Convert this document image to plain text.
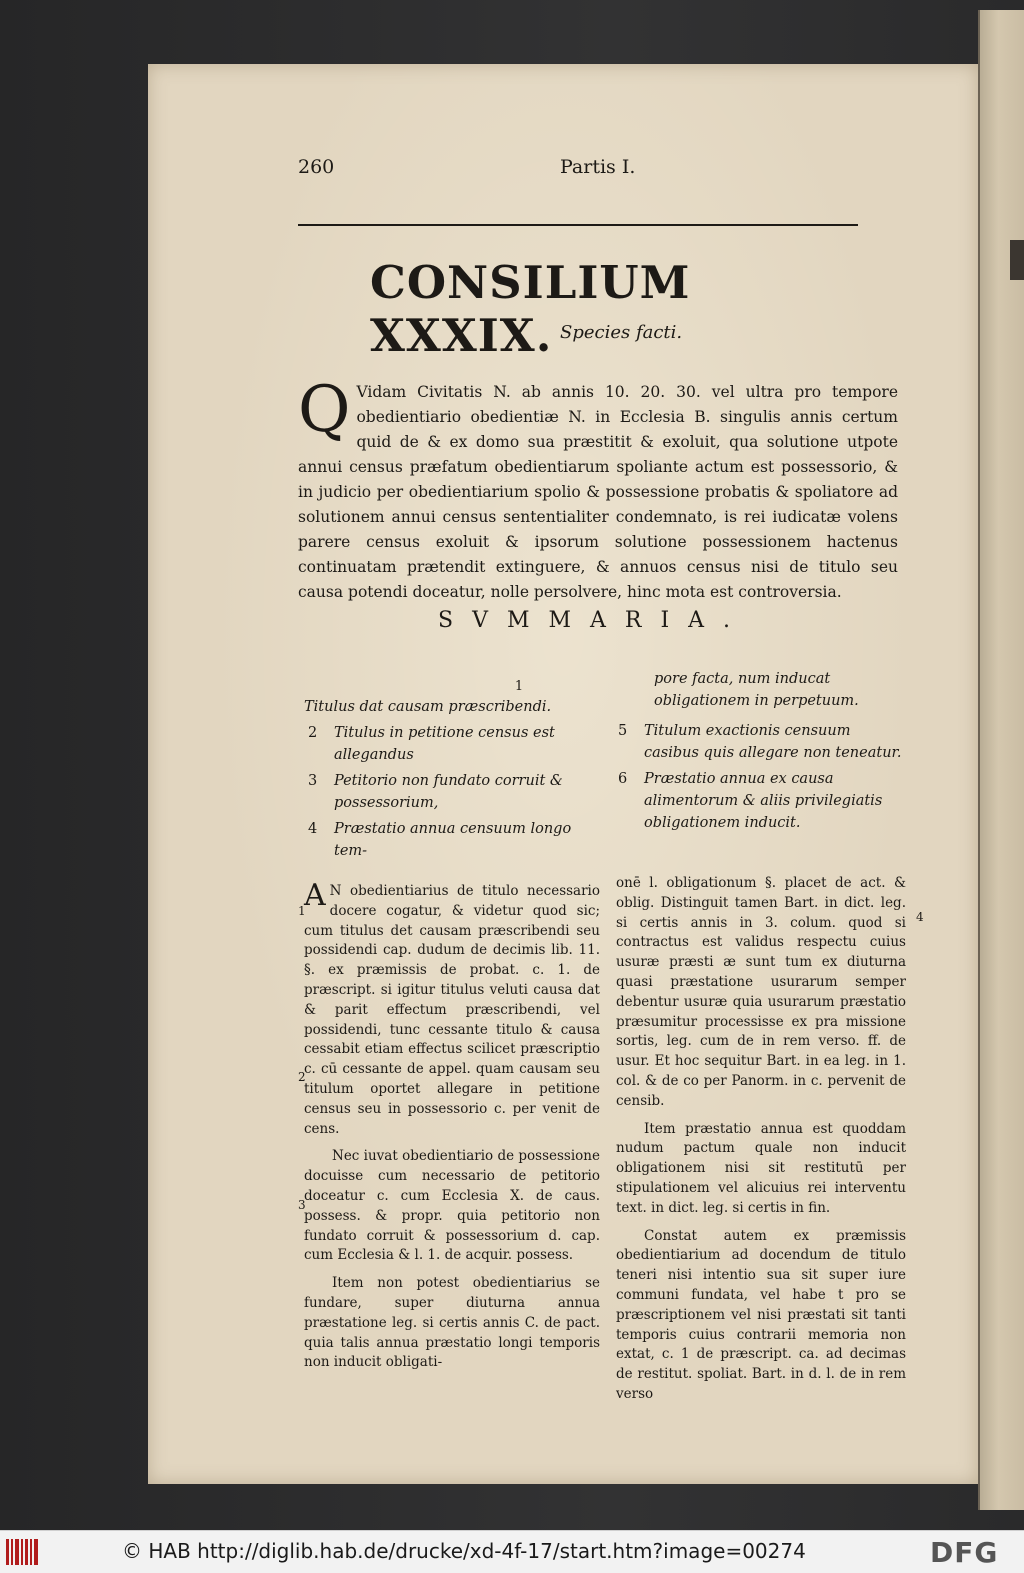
260	Partis I.
CONSILIUM XXXIX. Species facti.
Q Vidam Civitatis N. ab annis 10. 20. 30. vel ultra pro tempore obedientiario obedientiæ N. in Ecclesia B. singulis annis certum quid de & ex domo sua præstitit & exoluit, qua solutione utpote annui census præfatum obedientiarum spoliante actum est possessorio, & in judicio per obedientiarium spolio & possessione probatis & spoliatore ad solutionem annui census sententialiter condemnato, is rei iudicatæ volens parere census exoluit & ipsorum solutione possessionem hactenus continuatam prætendit extinguere, & annuos census nisi de titulo seu causa potendi doceatur, nolle persolvere, hinc mota est controversia.

SVMMARIA.
1
Titulus dat causam præscribendi.
2 Titulus in petitione census est allegandus
3 Petitorio non fundato corruit & possessorium,
4 Præstatio annua censuum longo tem-
pore facta, num inducat obligationem in perpetuum.
5 Titulum exactionis censuum casibus quis allegare non teneatur.
6 Præstatio annua ex causa alimentorum & aliis privilegiatis obligationem inducit.

A N obedientiarius de titulo necessario docere cogatur, & videtur quod sic; cum titulus det causam præscribendi seu possidendi cap. dudum de decimis lib. 11. §. ex præmissis de probat. c. 1. de præscript. si igitur titulus veluti causa dat & parit effectum præscribendi, vel possidendi, tunc cessante titulo & causa cessabit etiam effectus scilicet præscriptio c. cū cessante de appel. quam causam seu titulum oportet allegare in petitione census seu in possessorio c. per venit de cens.

Nec iuvat obedientiario de possessione docuisse cum necessario de petitorio doceatur c. cum Ecclesia X. de caus. possess. & propr. quia petitorio non fundato corruit & possessorium d. cap. cum Ecclesia & l. 1. de acquir. possess.

Item non potest obedientiarius se fundare, super diuturna annua præstatione leg. si certis annis C. de pact. quia talis annua præstatio longi temporis non inducit obligati-

onē l. obligationum §. placet de act. & oblig. Distinguit tamen Bart. in dict. leg. si certis annis in 3. colum. quod si contractus est validus respectu cuius usuræ præsti æ sunt tum ex diuturna quasi præstatione usurarum semper debentur usuræ quia usurarum præstatio præsumitur processisse ex pra missione sortis, leg. cum de in rem verso. ff. de usur. Et hoc sequitur Bart. in ea leg. in 1. col. & de co per Panorm. in c. pervenit de censib.

Item præstatio annua est quoddam nudum pactum quale non inducit obligationem nisi sit restitutū per stipulationem vel alicuius rei interventu text. in dict. leg. si certis in fin.

Constat autem ex præmissis obedientiarium ad docendum de titulo teneri nisi intentio sua sit super iure communi fundata, vel habe t pro se præscriptionem vel nisi præstati sit tanti temporis cuius contrarii memoria non extat, c. 1 de præscript. ca. ad decimas de restitut. spoliat. Bart. in d. l. de in rem verso

1
2
3
4
© HAB http://diglib.hab.de/drucke/xd-4f-17/start.htm?image=00274	DFG
